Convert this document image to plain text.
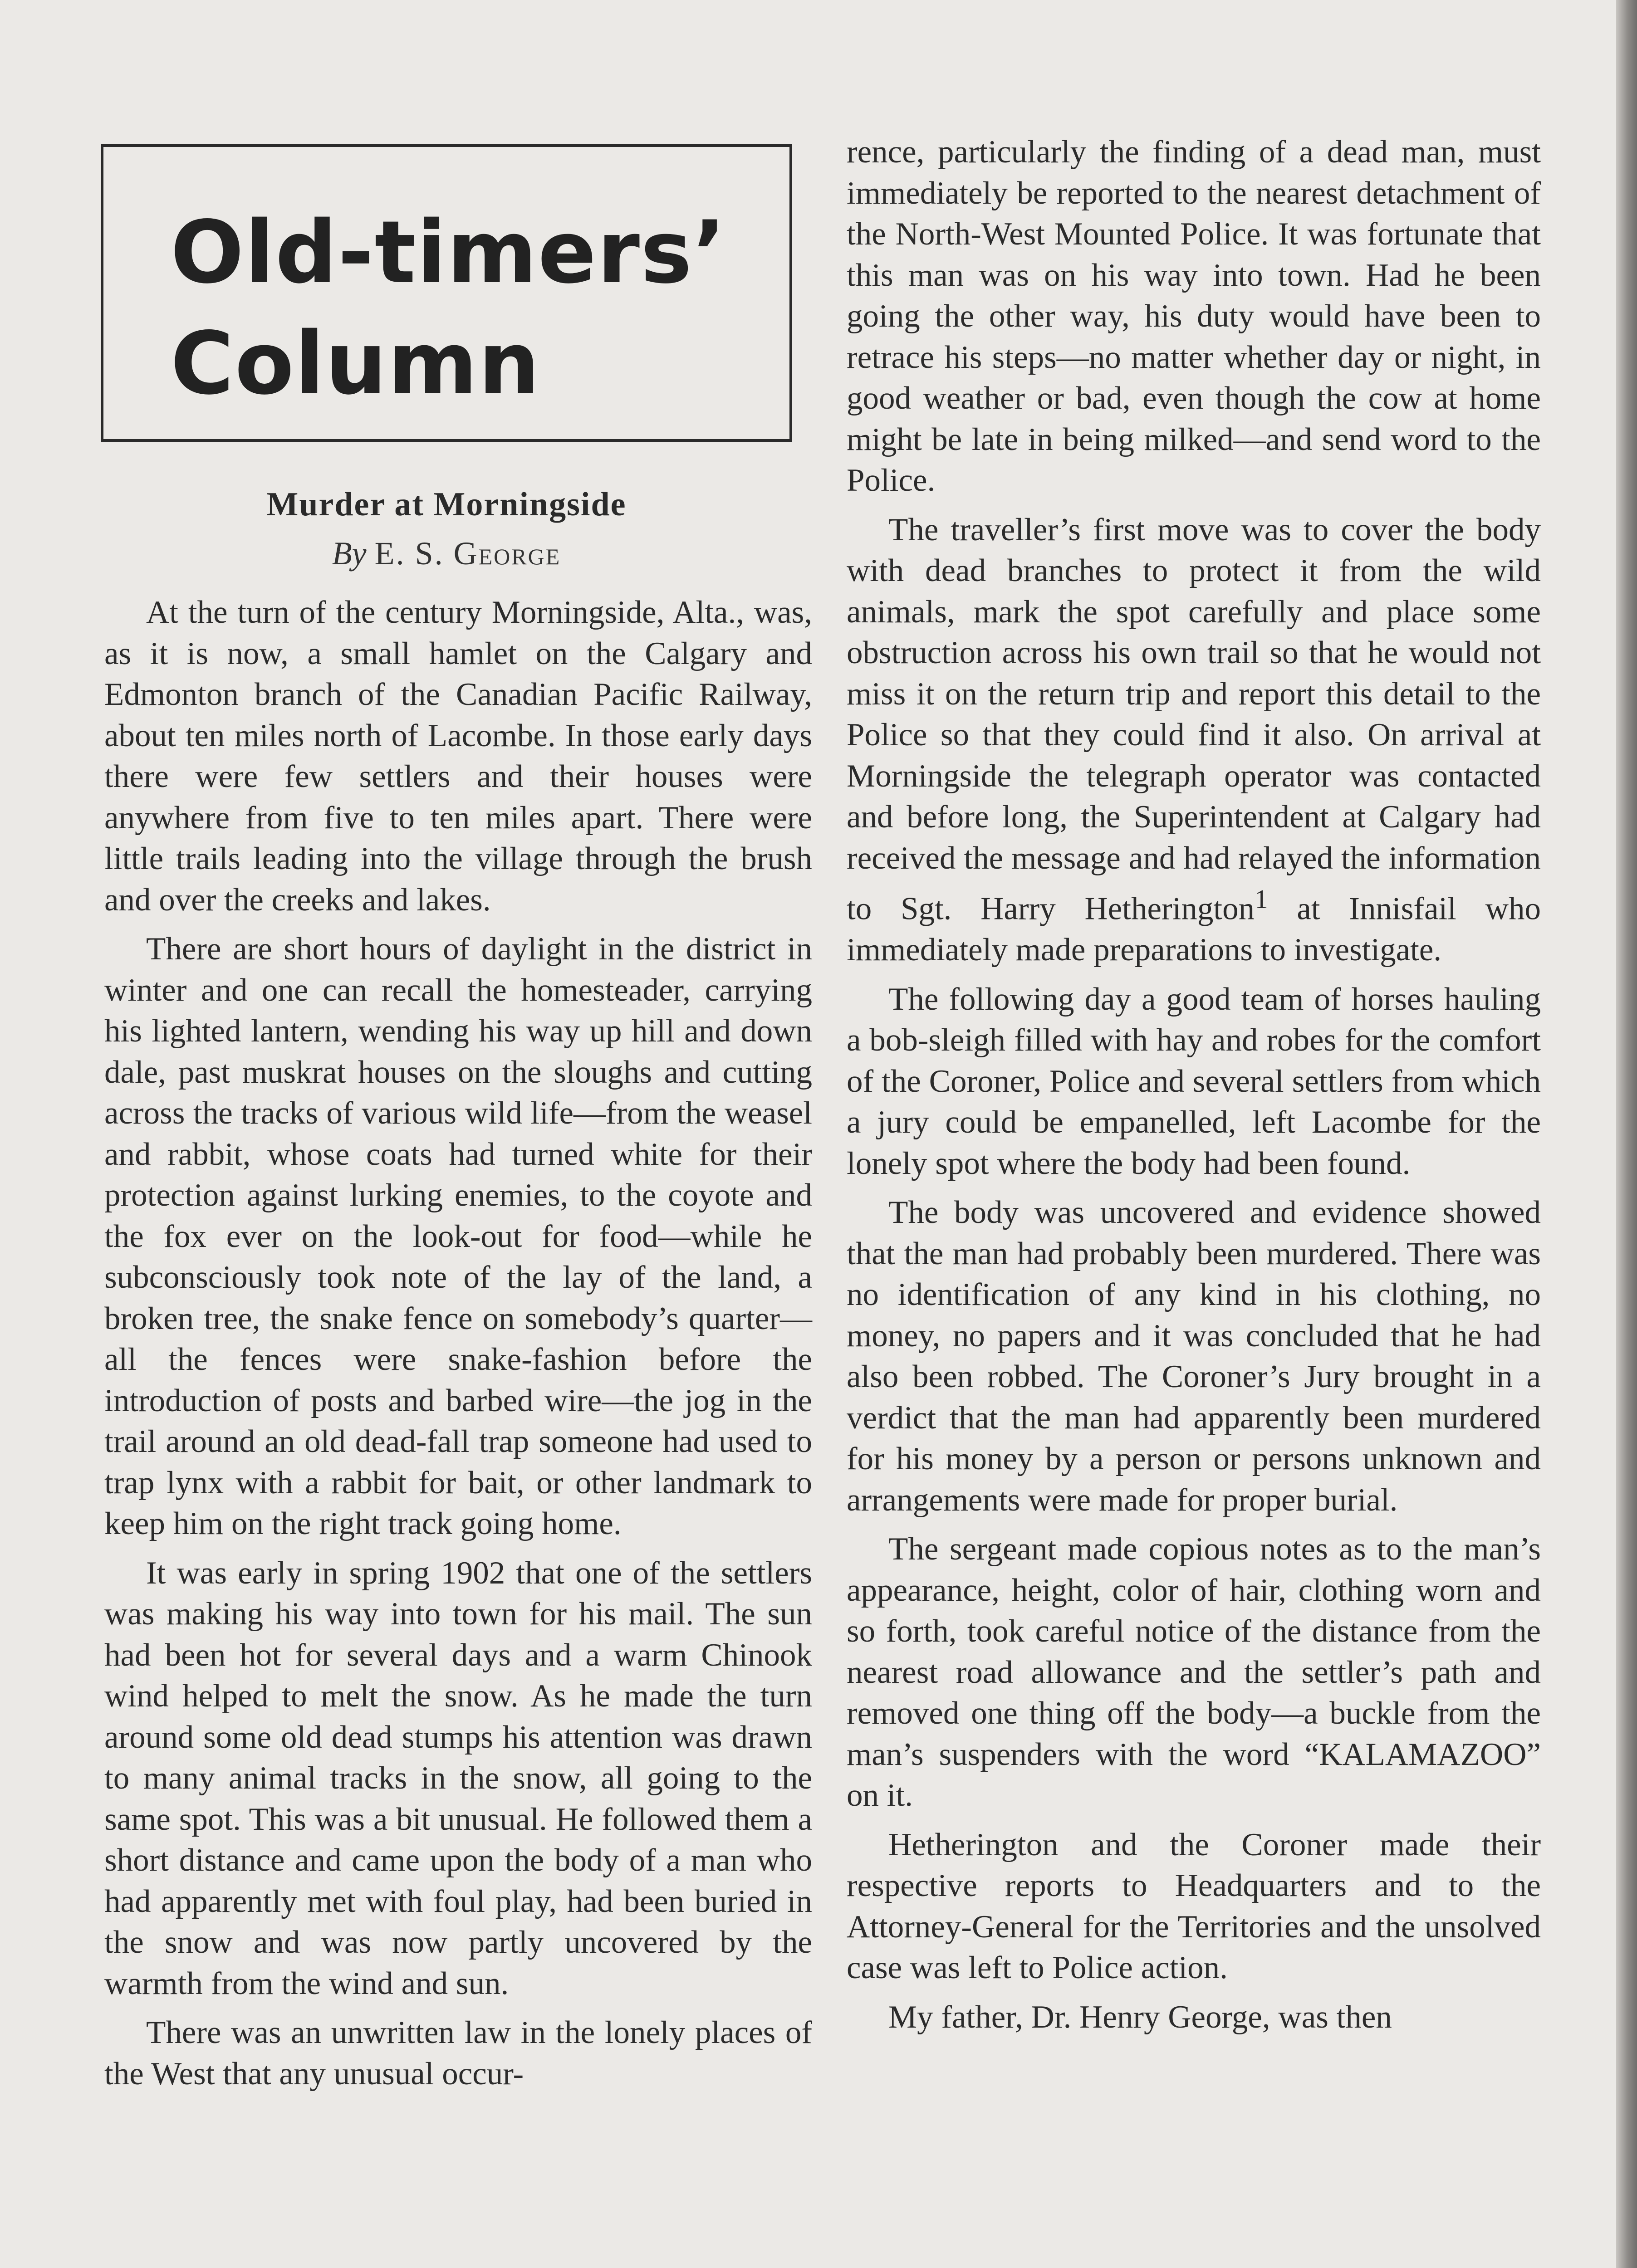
Old-timers’
Column
Murder at Morningside

By E. S. George

At the turn of the century Morningside, Alta., was, as it is now, a small hamlet on the Calgary and Edmonton branch of the Canadian Pacific Railway, about ten miles north of Lacombe. In those early days there were few settlers and their houses were anywhere from five to ten miles apart. There were little trails leading into the village through the brush and over the creeks and lakes.

There are short hours of daylight in the district in winter and one can recall the homesteader, carrying his lighted lantern, wending his way up hill and down dale, past muskrat houses on the sloughs and cutting across the tracks of various wild life—from the weasel and rabbit, whose coats had turned white for their protection against lurking enemies, to the coyote and the fox ever on the look-out for food—while he subconsciously took note of the lay of the land, a broken tree, the snake fence on somebody’s quarter—all the fences were snake-fashion before the introduction of posts and barbed wire—the jog in the trail around an old dead-fall trap someone had used to trap lynx with a rabbit for bait, or other landmark to keep him on the right track going home.

It was early in spring 1902 that one of the settlers was making his way into town for his mail. The sun had been hot for several days and a warm Chinook wind helped to melt the snow. As he made the turn around some old dead stumps his attention was drawn to many animal tracks in the snow, all going to the same spot. This was a bit unusual. He followed them a short distance and came upon the body of a man who had apparently met with foul play, had been buried in the snow and was now partly uncovered by the warmth from the wind and sun.

There was an unwritten law in the lonely places of the West that any unusual occur-

rence, particularly the finding of a dead man, must immediately be reported to the nearest detachment of the North-West Mounted Police. It was fortunate that this man was on his way into town. Had he been going the other way, his duty would have been to retrace his steps—no matter whether day or night, in good weather or bad, even though the cow at home might be late in being milked—and send word to the Police.

The traveller’s first move was to cover the body with dead branches to protect it from the wild animals, mark the spot carefully and place some obstruction across his own trail so that he would not miss it on the return trip and report this detail to the Police so that they could find it also. On arrival at Morningside the telegraph operator was contacted and before long, the Superintendent at Calgary had received the message and had relayed the information to Sgt. Harry Hetherington$^1$ at Innisfail who immediately made preparations to investigate.

The following day a good team of horses hauling a bob-sleigh filled with hay and robes for the comfort of the Coroner, Police and several settlers from which a jury could be empanelled, left Lacombe for the lonely spot where the body had been found.

The body was uncovered and evidence showed that the man had probably been murdered. There was no identification of any kind in his clothing, no money, no papers and it was concluded that he had also been robbed. The Coroner’s Jury brought in a verdict that the man had apparently been murdered for his money by a person or persons unknown and arrangements were made for proper burial.

The sergeant made copious notes as to the man’s appearance, height, color of hair, clothing worn and so forth, took careful notice of the distance from the nearest road allowance and the settler’s path and removed one thing off the body—a buckle from the man’s suspenders with the word “KALAMAZOO” on it.

Hetherington and the Coroner made their respective reports to Headquarters and to the Attorney-General for the Territories and the unsolved case was left to Police action.

My father, Dr. Henry George, was then
